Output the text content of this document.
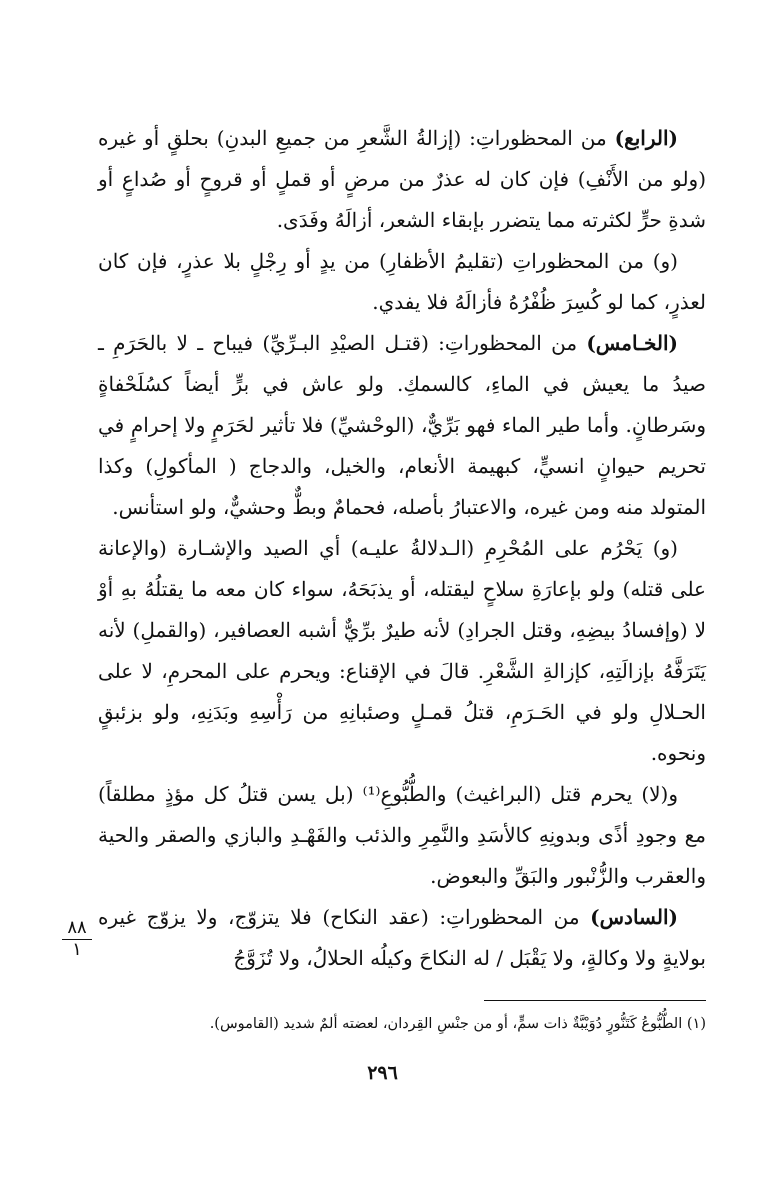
(الرابع) من المحظوراتِ: (إزالةُ الشَّعرِ من جميعِ البدنِ) بحلقٍ أو غيره (ولو من الأَنْفِ) فإن كان له عذرٌ من مرضٍ أو قملٍ أو قروحٍ أو صُداعٍ أو شدةِ حرٍّ لكثرته مما يتضرر بإبقاء الشعر، أزالَهُ وفَدَى.

(و) من المحظوراتِ (تقليمُ الأظفارِ) من يدٍ أو رِجْلٍ بلا عذرٍ، فإن كان لعذرٍ، كما لو كُسِرَ ظُفْرُهُ فأزالَهُ فلا يفدي.

(الخـامس) من المحظوراتِ: (قتـل الصيْدِ البـرِّيِّ) فيباح ـ لا بالحَرَمِ ـ صيدُ ما يعيش في الماءِ، كالسمكِ. ولو عاش في برٍّ أيضاً كسُلَحْفاةٍ وسَرطانٍ. وأما طير الماء فهو بَرِّيٌّ، (الوحْشيِّ) فلا تأثير لحَرَمٍ ولا إحرامٍ في تحريم حيوانٍ انسيٍّ، كبهيمة الأنعام، والخيل، والدجاج ( المأكولِ) وكذا المتولد منه ومن غيره، والاعتبارُ بأصله، فحمامٌ وبطٌّ وحشيٌّ، ولو استأنس.

(و) يَحْرُم على المُحْرِمِ (الـدلالةُ عليـه) أي الصيد والإشـارة (والإعانة على قتله) ولو بإعارَةِ سلاحٍ ليقتله، أو يذبَحَهُ، سواء كان معه ما يقتلُهُ بهِ أوْ لا (وإفسادُ بيضِهِ، وقتل الجرادِ) لأنه طيرٌ برِّيٌّ أشبه العصافير، (والقملِ) لأنه يَتَرَفَّهُ بإزالَتِهِ، كإزالةِ الشَّعْرِ. قالَ في الإقناع: ويحرم على المحرمِ، لا على الحـلالِ ولو في الحَـرَمِ، قتلُ قمـلٍ وصئبانِهِ من رَأْسِهِ وبَدَنِهِ، ولو بزئبقٍ ونحوه.

و(لا) يحرم قتل (البراغيث) والطُّبُّوعِ⁽¹⁾ (بل يسن قتلُ كل مؤذٍ مطلقاً) مع وجودِ أذًى وبدونِهِ كالأسَدِ والنَّمِرِ والذئب والفَهْـدِ والبازي والصقر والحية والعقرب والزُّنْبور والبَقِّ والبعوض.

(السادس) من المحظوراتِ: (عقد النكاح) فلا يتزوّج، ولا يزوّج غيره بولايةٍ ولا وكالةٍ، ولا يَقْبَل / له النكاحَ وكيلُه الحلالُ، ولا تُزَوَّجُ

٨٨
١
(١) الطُّبُّوعُ كَتَنُّورٍ دُوَيْبَّةٌ ذات سمٍّ، أو من جنْسِ القِردان، لعضته ألمٌ شديد (القاموس).
٢٩٦
